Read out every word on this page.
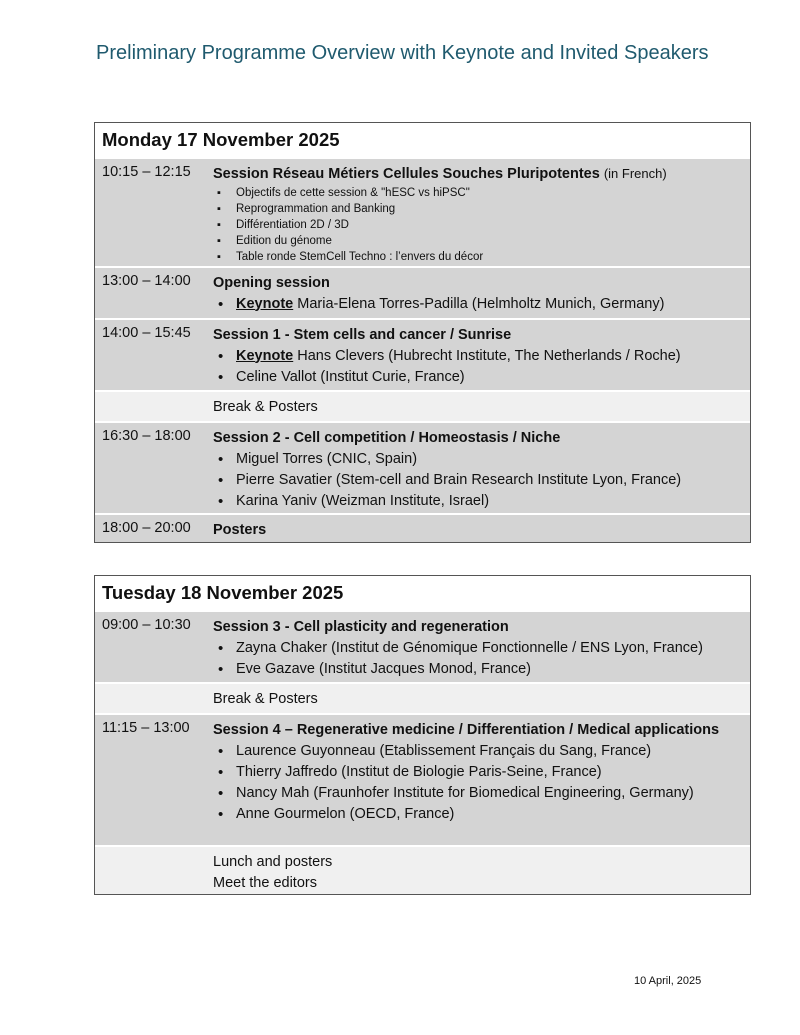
Preliminary Programme Overview with Keynote and Invited Speakers
Monday 17 November 2025
10:15 – 12:15 Session Réseau Métiers Cellules Souches Pluripotentes (in French)
▪ Objectifs de cette session & "hESC vs hiPSC"
▪ Reprogrammation and Banking
▪ Différentiation 2D / 3D
▪ Edition du génome
▪ Table ronde StemCell Techno : l’envers du décor
13:00 – 14:00 Opening session
• Keynote Maria-Elena Torres-Padilla (Helmholtz Munich, Germany)
14:00 – 15:45 Session 1 - Stem cells and cancer / Sunrise
• Keynote Hans Clevers (Hubrecht Institute, The Netherlands / Roche)
• Celine Vallot (Institut Curie, France)
Break & Posters
16:30 – 18:00 Session 2 - Cell competition / Homeostasis / Niche
• Miguel Torres (CNIC, Spain)
• Pierre Savatier (Stem-cell and Brain Research Institute Lyon, France)
• Karina Yaniv (Weizman Institute, Israel)
18:00 – 20:00 Posters
Tuesday 18 November 2025
09:00 – 10:30 Session 3 - Cell plasticity and regeneration
• Zayna Chaker (Institut de Génomique Fonctionnelle / ENS Lyon, France)
• Eve Gazave (Institut Jacques Monod, France)
Break & Posters
11:15 – 13:00 Session 4 – Regenerative medicine / Differentiation / Medical applications
• Laurence Guyonneau (Etablissement Français du Sang, France)
• Thierry Jaffredo (Institut de Biologie Paris-Seine, France)
• Nancy Mah (Fraunhofer Institute for Biomedical Engineering, Germany)
• Anne Gourmelon (OECD, France)
Lunch and posters
Meet the editors
10 April, 2025
